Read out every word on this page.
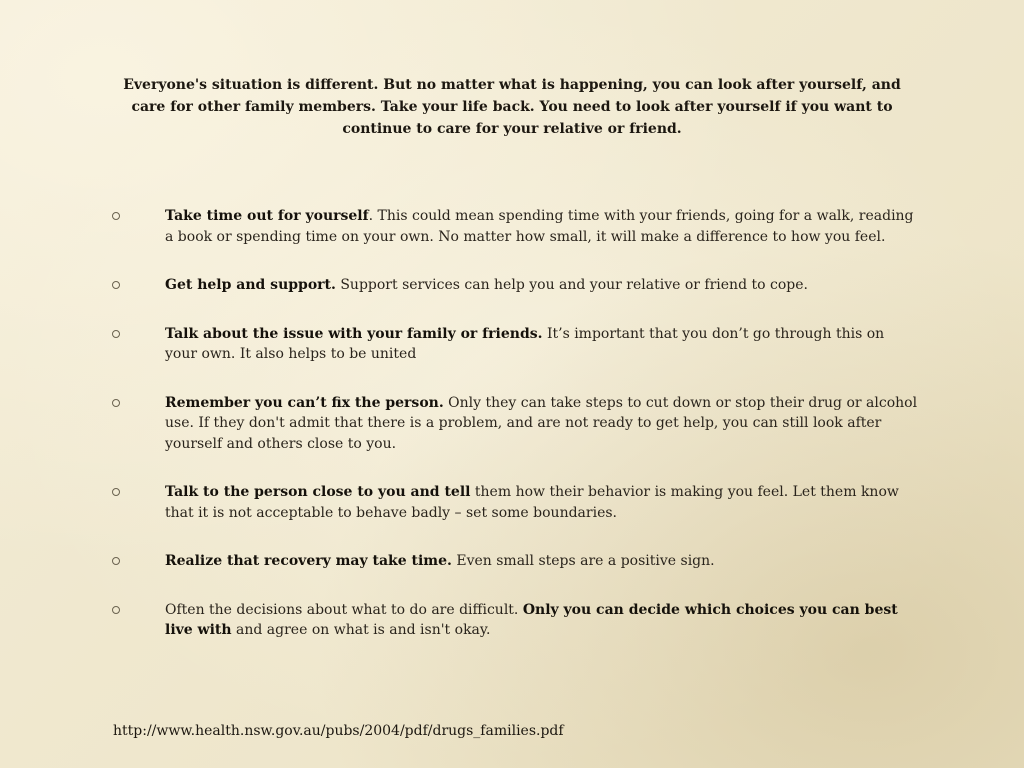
Everyone's situation is different. But no matter what is happening, you can look after yourself, and care for other family members. Take your life back. You need to look after yourself if you want to continue to care for your relative or friend.
Take time out for yourself. This could mean spending time with your friends, going for a walk, reading a book or spending time on your own. No matter how small, it will make a difference to how you feel.
Get help and support. Support services can help you and your relative or friend to cope.
Talk about the issue with your family or friends. It’s important that you don’t go through this on your own. It also helps to be united
Remember you can’t fix the person. Only they can take steps to cut down or stop their drug or alcohol use. If they don't admit that there is a problem, and are not ready to get help, you can still look after yourself and others close to you.
Talk to the person close to you and tell them how their behavior is making you feel. Let them know that it is not acceptable to behave badly – set some boundaries.
Realize that recovery may take time. Even small steps are a positive sign.
Often the decisions about what to do are difficult. Only you can decide which choices you can best live with and agree on what is and isn't okay.
http://www.health.nsw.gov.au/pubs/2004/pdf/drugs_families.pdf
